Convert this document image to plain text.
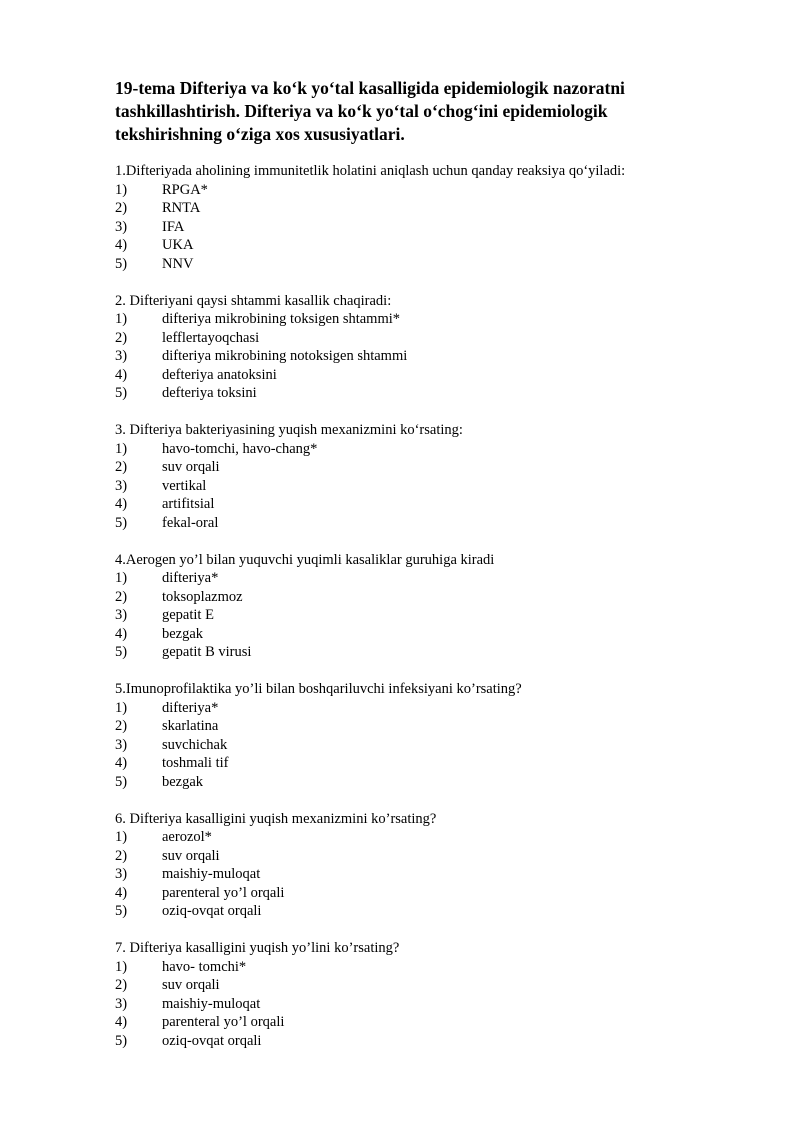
19-tema Difteriya va ko‘k yo‘tal kasalligida epidemiologik nazoratni tashkillashtirish. Difteriya va ko‘k yo‘tal o‘chog‘ini epidemiologik tekshirishning o‘ziga xos xususiyatlari.
1.Difteriyada aholining immunitetlik holatini aniqlash uchun qanday reaksiya qo‘yiladi:
1)	RPGA*
2)	RNTA
3)	IFA
4)	UKA
5)	NNV
2. Difteriyani qaysi shtammi kasallik chaqiradi:
1)	difteriya mikrobining toksigen shtammi*
2)	lefflertayoqchasi
3)	difteriya mikrobining notoksigen shtammi
4)	defteriya anatoksini
5)	defteriya toksini
3. Difteriya bakteriyasining yuqish mexanizmini ko‘rsating:
1)	havo-tomchi, havo-chang*
2)	suv orqali
3)	vertikal
4)	artifitsial
5)	fekal-oral
4.Aerogen yo’l bilan yuquvchi yuqimli kasaliklar guruhiga kiradi
1)	difteriya*
2)	toksoplazmoz
3)	gepatit E
4)	bezgak
5)	gepatit B virusi
5.Imunoprofilaktika yo’li bilan boshqariluvchi infeksiyani ko’rsating?
1)	difteriya*
2)	skarlatina
3)	suvchichak
4)	toshmali tif
5)	bezgak
6. Difteriya kasalligini yuqish mexanizmini ko’rsating?
1)	aerozol*
2)	suv orqali
3)	maishiy-muloqat
4)	parenteral yo’l orqali
5)	oziq-ovqat orqali
7. Difteriya kasalligini yuqish yo’lini ko’rsating?
1)	havo- tomchi*
2)	suv orqali
3)	maishiy-muloqat
4)	parenteral yo’l orqali
5)	oziq-ovqat orqali
